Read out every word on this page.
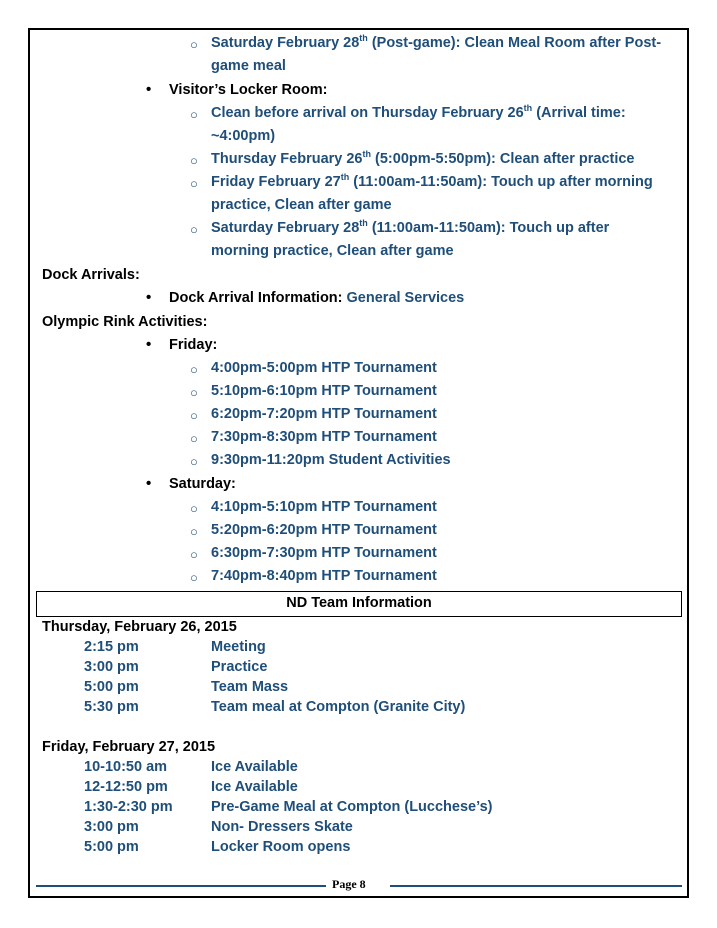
○ Saturday February 28th (Post-game): Clean Meal Room after Post-
game meal
• Visitor’s Locker Room:
○ Clean before arrival on Thursday February 26th (Arrival time:
~4:00pm)
○ Thursday February 26th (5:00pm-5:50pm): Clean after practice
○ Friday February 27th (11:00am-11:50am): Touch up after morning
practice, Clean after game
○ Saturday February 28th (11:00am-11:50am): Touch up after
morning practice, Clean after game
Dock Arrivals:
• Dock Arrival Information: General Services
Olympic Rink Activities:
• Friday:
○ 4:00pm-5:00pm HTP Tournament
○ 5:10pm-6:10pm HTP Tournament
○ 6:20pm-7:20pm HTP Tournament
○ 7:30pm-8:30pm HTP Tournament
○ 9:30pm-11:20pm Student Activities
• Saturday:
○ 4:10pm-5:10pm HTP Tournament
○ 5:20pm-6:20pm HTP Tournament
○ 6:30pm-7:30pm HTP Tournament
○ 7:40pm-8:40pm HTP Tournament
ND Team Information
Thursday, February 26, 2015
2:15 pm	Meeting
3:00 pm	Practice
5:00 pm	Team Mass
5:30 pm	Team meal at Compton (Granite City)
Friday, February 27, 2015
10-10:50 am	Ice Available
12-12:50 pm	Ice Available
1:30-2:30 pm	Pre-Game Meal at Compton (Lucchese’s)
3:00 pm	Non- Dressers Skate
5:00 pm	Locker Room opens
Page 8
